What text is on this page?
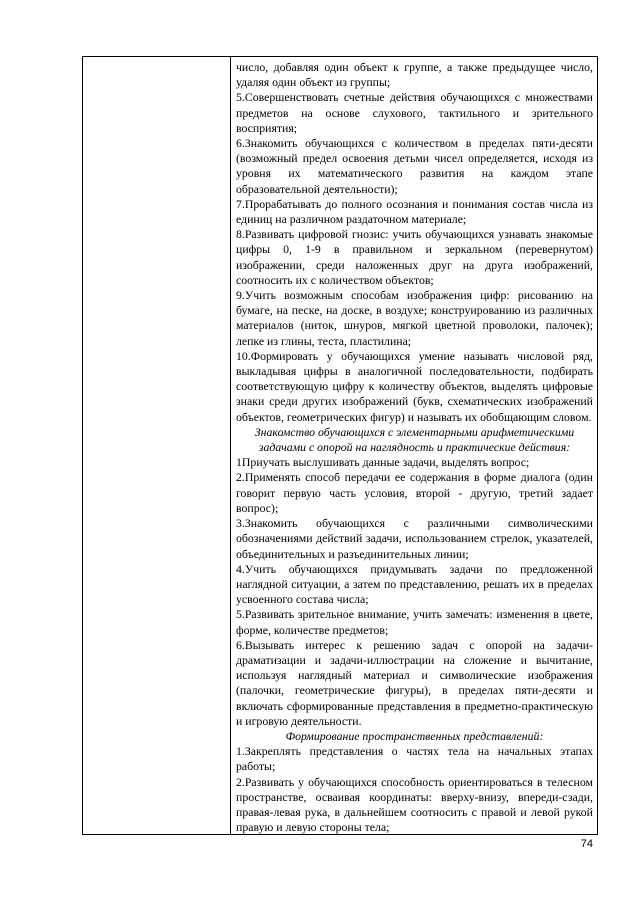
число, добавляя один объект к группе, а также предыдущее число, удаляя один объект из группы;

5.Совершенствовать счетные действия обучающихся с множествами предметов на основе слухового, тактильного и зрительного восприятия;

6.Знакомить обучающихся с количеством в пределах пяти-десяти (возможный предел освоения детьми чисел определяется, исходя из уровня их математического развития на каждом этапе образовательной деятельности);

7.Прорабатывать до полного осознания и понимания состав числа из единиц на различном раздаточном материале;

8.Развивать цифровой гнозис: учить обучающихся узнавать знакомые цифры 0, 1-9 в правильном и зеркальном (перевернутом) изображении, среди наложенных друг на друга изображений, соотносить их с количеством объектов;

9.Учить возможным способам изображения цифр: рисованию на бумаге, на песке, на доске, в воздухе; конструированию из различных материалов (ниток, шнуров, мягкой цветной проволоки, палочек); лепке из глины, теста, пластилина;

10.Формировать у обучающихся умение называть числовой ряд, выкладывая цифры в аналогичной последовательности, подбирать соответствующую цифру к количеству объектов, выделять цифровые знаки среди других изображений (букв, схематических изображений объектов, геометрических фигур) и называть их обобщающим словом.

Знакомство обучающихся с элементарными арифметическими задачами с опорой на наглядность и практические действия:

1Приучать выслушивать данные задачи, выделять вопрос;

2.Применять способ передачи ее содержания в форме диалога (один говорит первую часть условия, второй - другую, третий задает вопрос);

3.Знакомить обучающихся с различными символическими обозначениями действий задачи, использованием стрелок, указателей, объединительных и разъединительных линии;

4.Учить обучающихся придумывать задачи по предложенной наглядной ситуации, а затем по представлению, решать их в пределах усвоенного состава числа;

5.Развивать зрительное внимание, учить замечать: изменения в цвете, форме, количестве предметов;

6.Вызывать интерес к решению задач с опорой на задачи-драматизации и задачи-иллюстрации на сложение и вычитание, используя наглядный материал и символические изображения (палочки, геометрические фигуры), в пределах пяти-десяти и включать сформированные представления в предметно-практическую и игровую деятельности.

Формирование пространственных представлений:

1.Закреплять представления о частях тела на начальных этапах работы;

2.Развивать у обучающихся способность ориентироваться в телесном пространстве, осваивая координаты: вверху-внизу, впереди-сзади, правая-левая рука, в дальнейшем соотносить с правой и левой рукой правую и левую стороны тела;

74
